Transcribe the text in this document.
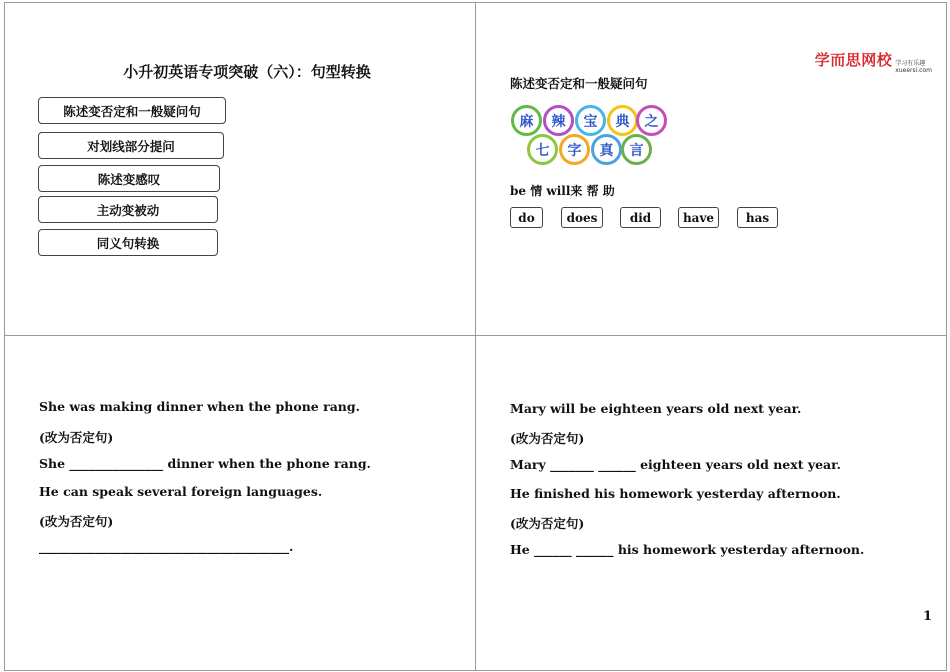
小升初英语专项突破（六）：句型转换
陈述变否定和一般疑问句
对划线部分提问
陈述变感叹
主动变被动
同义句转换
学而思网校 学习有乐趣
xueersi.com
陈述变否定和一般疑问句
麻	辣	宝	典	之
七	字	真	言
be 情 will来 帮 助
do	does	did	have	has
She was making dinner when the phone rang.
(改为否定句)
She _______________ dinner when the phone rang.
He can speak several foreign languages.
(改为否定句)
________________________________________.
Mary will be eighteen years old next year.
(改为否定句)
Mary _______ ______ eighteen years old next year.
He finished his homework yesterday afternoon.
(改为否定句)
He ______ ______ his homework yesterday afternoon.
1
